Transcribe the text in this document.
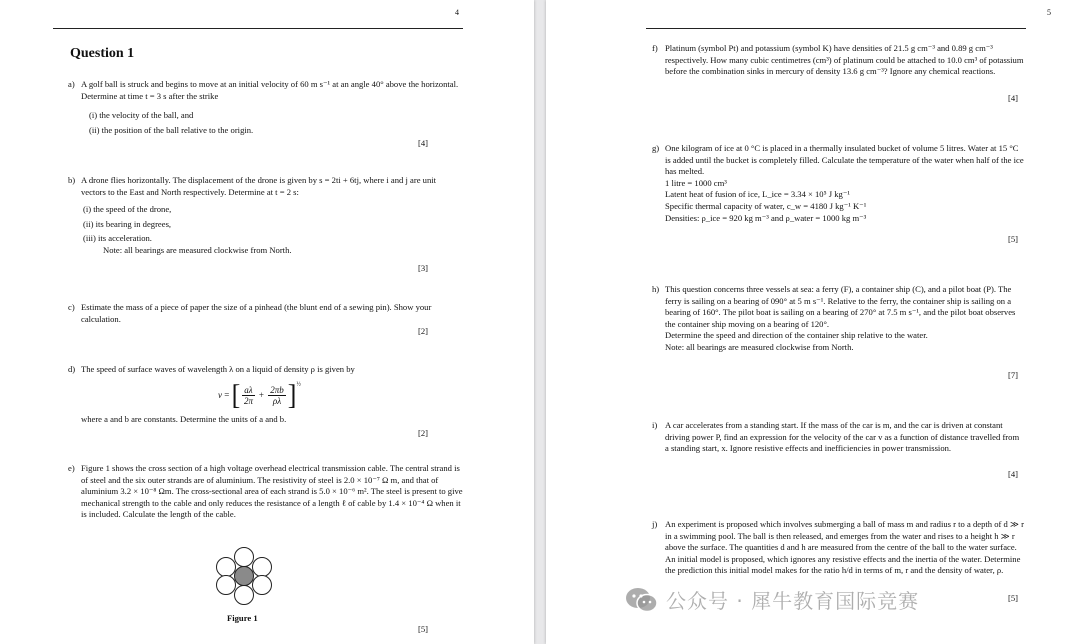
4
Question 1
a) A golf ball is struck and begins to move at an initial velocity of 60 m s⁻¹ at an angle 40° above the horizontal. Determine at time t = 3 s after the strike

(i) the velocity of the ball, and
(ii) the position of the ball relative to the origin.
[4]
b) A drone flies horizontally. The displacement of the drone is given by s = 2ti + 6tj, where i and j are unit vectors to the East and North respectively. Determine at t = 2 s:

(i) the speed of the drone,
(ii) its bearing in degrees,
(iii) its acceleration.

Note: all bearings are measured clockwise from North.

[3]
c) Estimate the mass of a piece of paper the size of a pinhead (the blunt end of a sewing pin). Show your calculation.

[2]
d) The speed of surface waves of wavelength λ on a liquid of density ρ is given by

v = [ $\frac{a\lambda}{2\pi} + \frac{2\pi b}{\rho\lambda}$ ] ½
where a and b are constants. Determine the units of a and b.
[2]
e) Figure 1 shows the cross section of a high voltage overhead electrical transmission cable. The central strand is of steel and the six outer strands are of aluminium. The resistivity of steel is 2.0 × 10⁻⁷ Ω m, and that of aluminium 3.2 × 10⁻⁸ Ωm. The cross-sectional area of each strand is 5.0 × 10⁻⁶ m². The steel is present to give mechanical strength to the cable and only reduces the resistance of a length ℓ of cable by 1.4 × 10⁻⁴ Ω when it is included. Calculate the length of the cable.

Figure 1
[5]
5
f) Platinum (symbol Pt) and potassium (symbol K) have densities of 21.5 g cm⁻³ and 0.89 g cm⁻³ respectively. How many cubic centimetres (cm³) of platinum could be attached to 10.0 cm³ of potassium before the combination sinks in mercury of density 13.6 g cm⁻³? Ignore any chemical reactions.

[4]
g) One kilogram of ice at 0 °C is placed in a thermally insulated bucket of volume 5 litres. Water at 15 °C is added until the bucket is completely filled. Calculate the temperature of the water when half of the ice has melted.

1 litre = 1000 cm³

Latent heat of fusion of ice, L_ice = 3.34 × 10⁵ J kg⁻¹

Specific thermal capacity of water, c_w = 4180 J kg⁻¹ K⁻¹

Densities: ρ_ice = 920 kg m⁻³ and ρ_water = 1000 kg m⁻³

[5]
h) This question concerns three vessels at sea: a ferry (F), a container ship (C), and a pilot boat (P). The ferry is sailing on a bearing of 090° at 5 m s⁻¹. Relative to the ferry, the container ship is sailing on a bearing of 160°. The pilot boat is sailing on a bearing of 270° at 7.5 m s⁻¹, and the pilot boat observes the container ship moving on a bearing of 120°.

Determine the speed and direction of the container ship relative to the water.

Note: all bearings are measured clockwise from North.

[7]
i) A car accelerates from a standing start. If the mass of the car is m, and the car is driven at constant driving power P, find an expression for the velocity of the car v as a function of distance travelled from a standing start, x. Ignore resistive effects and inefficiencies in power transmission.

[4]
j) An experiment is proposed which involves submerging a ball of mass m and radius r to a depth of d ≫ r in a swimming pool. The ball is then released, and emerges from the water and rises to a height h ≫ r above the surface. The quantities d and h are measured from the centre of the ball to the water surface. An initial model is proposed, which ignores any resistive effects and the inertia of the water. Determine the prediction this initial model makes for the ratio h/d in terms of m, r and the density of water, ρ.

[5]
公众号 · 犀牛教育国际竞赛
